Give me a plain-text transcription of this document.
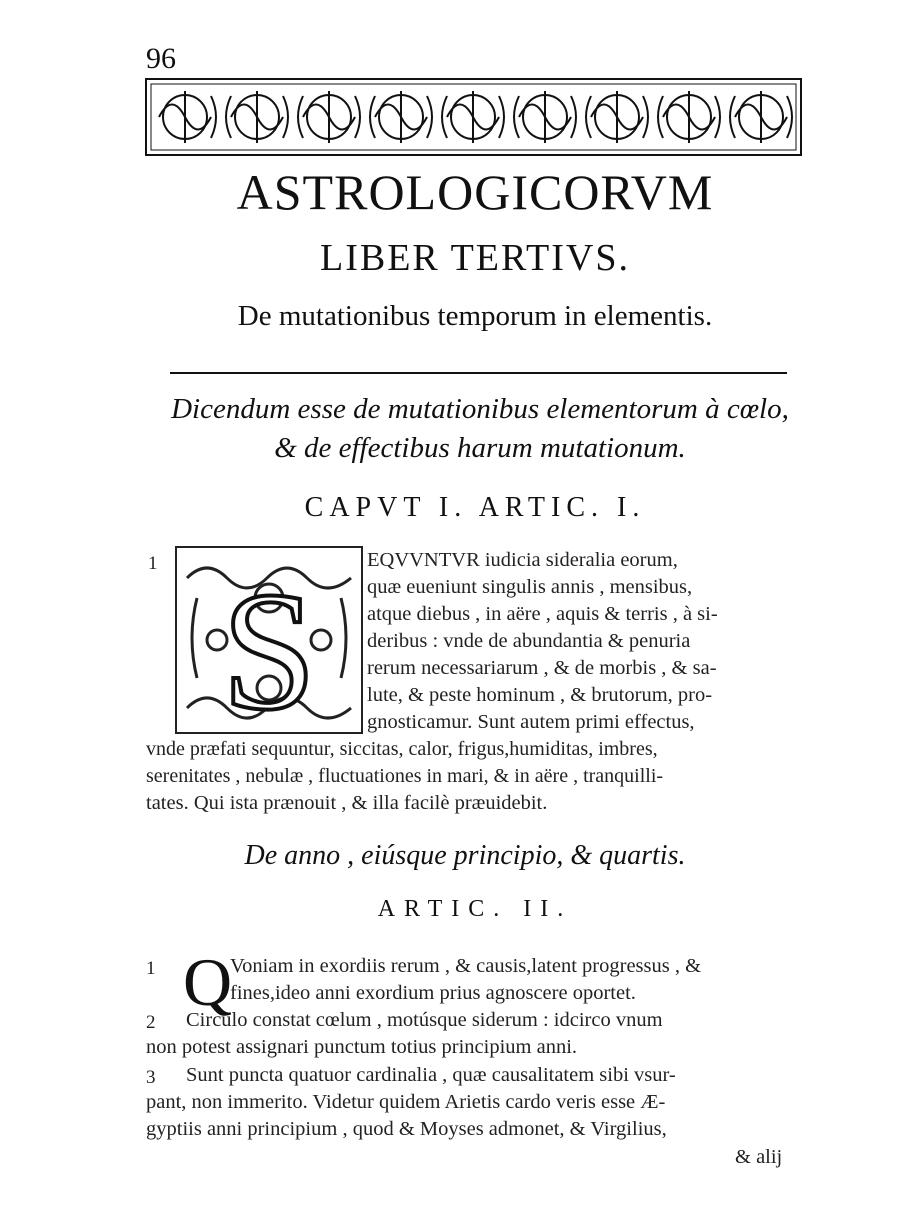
96
ASTROLOGICORVM
LIBER TERTIVS.
De mutationibus temporum in elementis.
Dicendum esse de mutationibus elementorum à cœlo,
& de effectibus harum mutationum.
CAPVT I. ARTIC. I.
1 S EQVVNTVR iudicia sideralia eorum,
quæ eueniunt singulis annis , mensibus,
atque diebus , in aëre , aquis & terris , à si-
deribus : vnde de abundantia & penuria
rerum necessariarum , & de morbis , & sa-
lute, & peste hominum , & brutorum, pro-
gnosticamur. Sunt autem primi effectus,
vnde præfati sequuntur, siccitas, calor, frigus,humiditas, imbres,
serenitates , nebulæ , fluctuationes in mari, & in aëre , tranquilli-
tates. Qui ista prænouit , & illa facilè præuidebit.
De anno , eiúsque principio, & quartis.
ARTIC. II.
1 Q
Voniam in exordiis rerum , & causis,latent progressus , &
fines,ideo anni exordium prius agnoscere oportet.
2 Circulo constat cœlum , motúsque siderum : idcirco vnum
non potest assignari punctum totius principium anni.
3 Sunt puncta quatuor cardinalia , quæ causalitatem sibi vsur-
pant, non immerito. Videtur quidem Arietis cardo veris esse Æ-
gyptiis anni principium , quod & Moyses admonet, & Virgilius,
& alij
